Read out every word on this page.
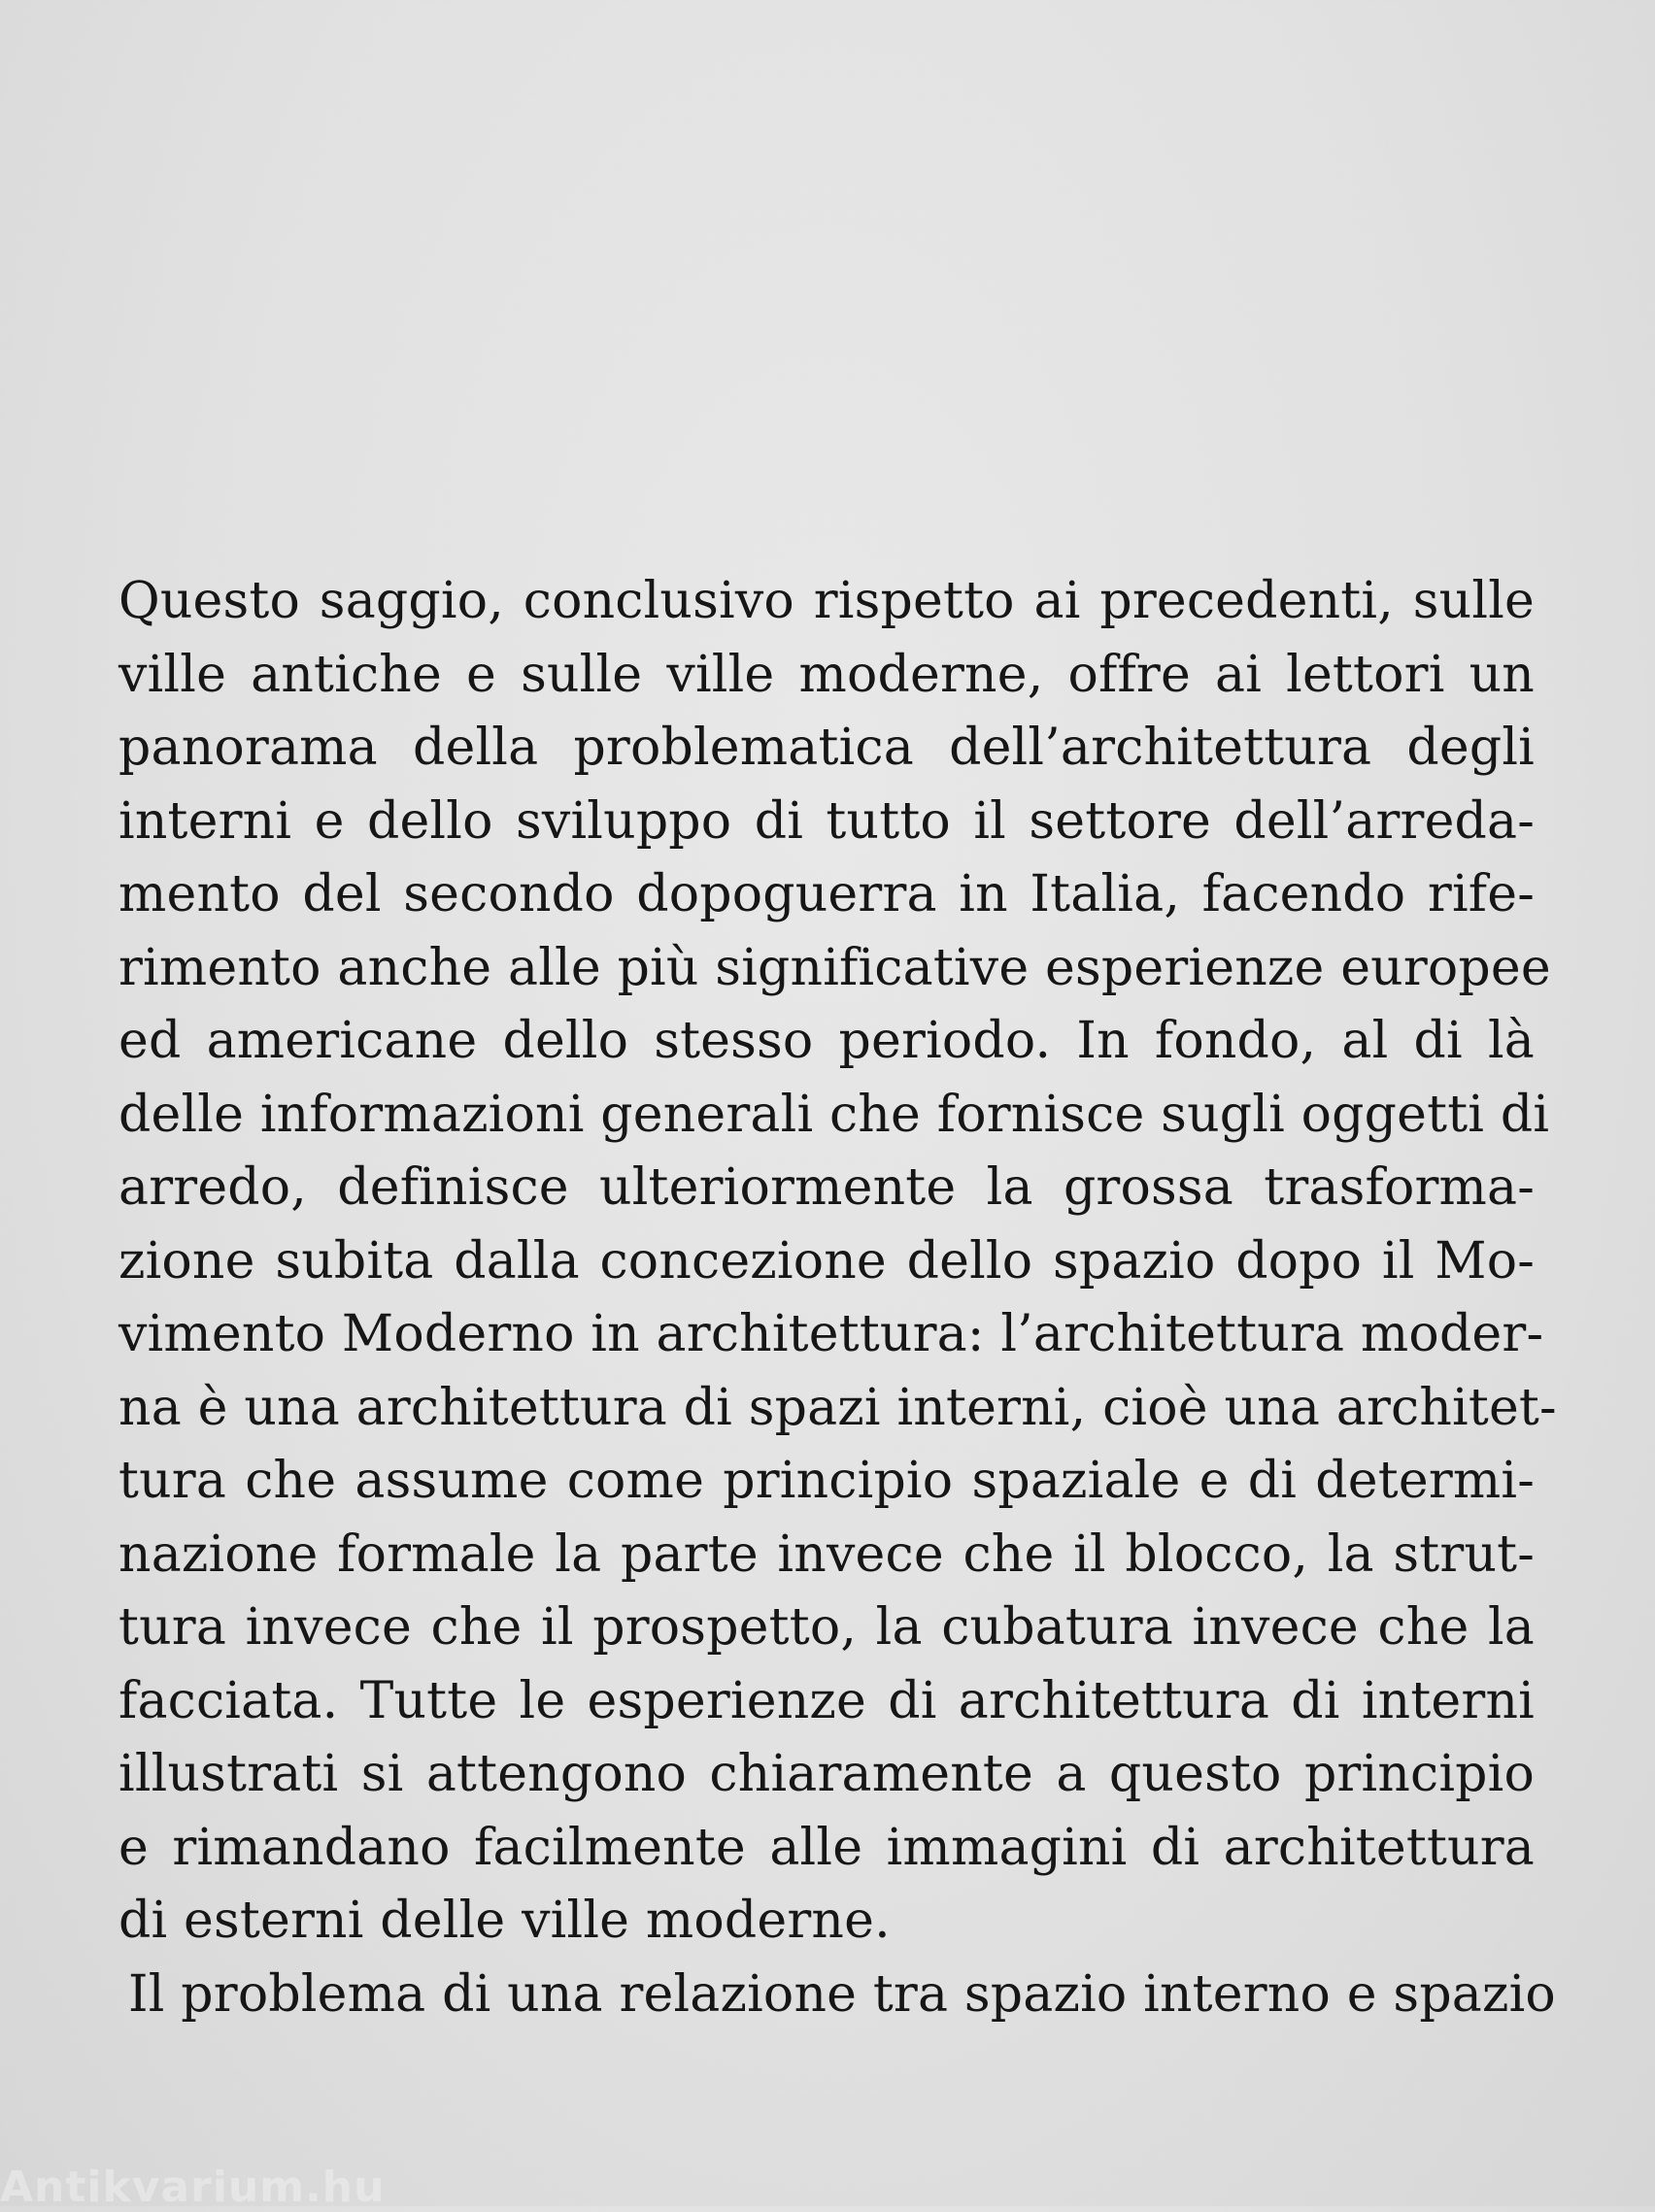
Questo saggio, conclusivo rispetto ai precedenti, sulle
ville antiche e sulle ville moderne, offre ai lettori un
panorama della problematica dell’architettura degli
interni e dello sviluppo di tutto il settore dell’arreda-
mento del secondo dopoguerra in Italia, facendo rife-
rimento anche alle più significative esperienze europee
ed americane dello stesso periodo. In fondo, al di là
delle informazioni generali che fornisce sugli oggetti di
arredo, definisce ulteriormente la grossa trasforma-
zione subita dalla concezione dello spazio dopo il Mo-
vimento Moderno in architettura: l’architettura moder-
na è una architettura di spazi interni, cioè una architet-
tura che assume come principio spaziale e di determi-
nazione formale la parte invece che il blocco, la strut-
tura invece che il prospetto, la cubatura invece che la
facciata. Tutte le esperienze di architettura di interni
illustrati si attengono chiaramente a questo principio
e rimandano facilmente alle immagini di architettura
di esterni delle ville moderne.
Il problema di una relazione tra spazio interno e spazio
Antikvarium.hu
